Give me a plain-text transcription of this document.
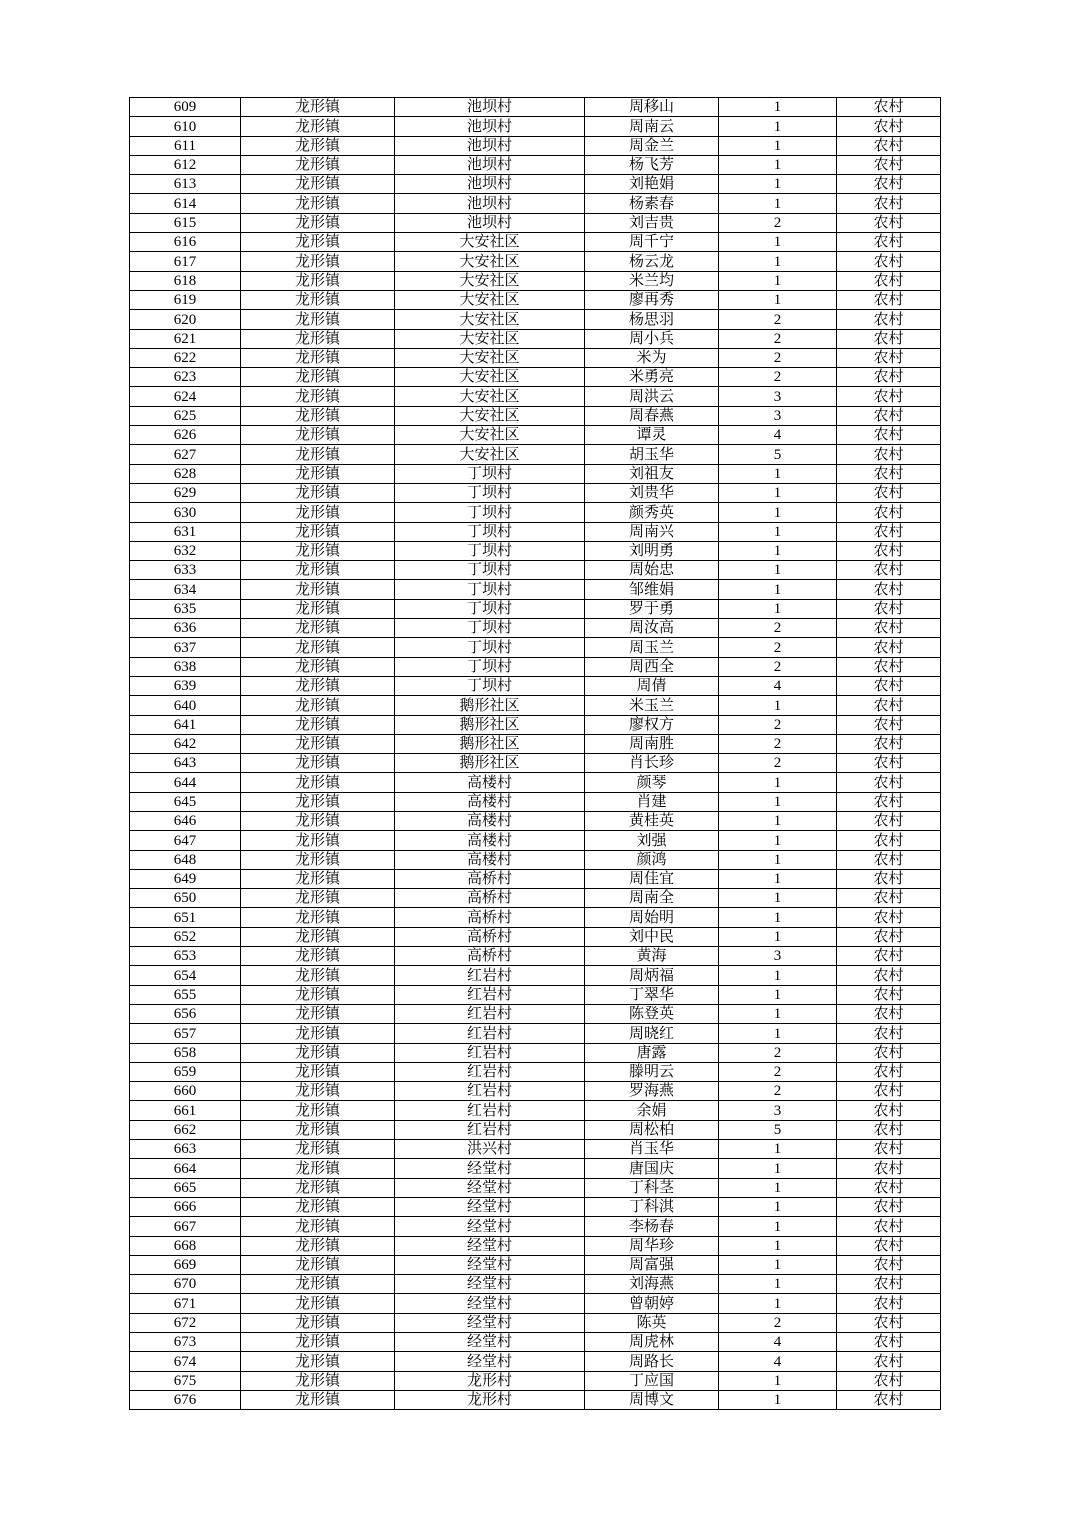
609	龙形镇	池坝村	周移山	1	农村
610	龙形镇	池坝村	周南云	1	农村
611	龙形镇	池坝村	周金兰	1	农村
612	龙形镇	池坝村	杨飞芳	1	农村
613	龙形镇	池坝村	刘艳娟	1	农村
614	龙形镇	池坝村	杨素春	1	农村
615	龙形镇	池坝村	刘吉贵	2	农村
616	龙形镇	大安社区	周千宁	1	农村
617	龙形镇	大安社区	杨云龙	1	农村
618	龙形镇	大安社区	米兰均	1	农村
619	龙形镇	大安社区	廖再秀	1	农村
620	龙形镇	大安社区	杨思羽	2	农村
621	龙形镇	大安社区	周小兵	2	农村
622	龙形镇	大安社区	米为	2	农村
623	龙形镇	大安社区	米勇亮	2	农村
624	龙形镇	大安社区	周洪云	3	农村
625	龙形镇	大安社区	周春燕	3	农村
626	龙形镇	大安社区	谭灵	4	农村
627	龙形镇	大安社区	胡玉华	5	农村
628	龙形镇	丁坝村	刘祖友	1	农村
629	龙形镇	丁坝村	刘贵华	1	农村
630	龙形镇	丁坝村	颜秀英	1	农村
631	龙形镇	丁坝村	周南兴	1	农村
632	龙形镇	丁坝村	刘明勇	1	农村
633	龙形镇	丁坝村	周始忠	1	农村
634	龙形镇	丁坝村	邹维娟	1	农村
635	龙形镇	丁坝村	罗于勇	1	农村
636	龙形镇	丁坝村	周汝高	2	农村
637	龙形镇	丁坝村	周玉兰	2	农村
638	龙形镇	丁坝村	周西全	2	农村
639	龙形镇	丁坝村	周倩	4	农村
640	龙形镇	鹅形社区	米玉兰	1	农村
641	龙形镇	鹅形社区	廖权方	2	农村
642	龙形镇	鹅形社区	周南胜	2	农村
643	龙形镇	鹅形社区	肖长珍	2	农村
644	龙形镇	高楼村	颜琴	1	农村
645	龙形镇	高楼村	肖建	1	农村
646	龙形镇	高楼村	黄桂英	1	农村
647	龙形镇	高楼村	刘强	1	农村
648	龙形镇	高楼村	颜鸿	1	农村
649	龙形镇	高桥村	周佳宜	1	农村
650	龙形镇	高桥村	周南全	1	农村
651	龙形镇	高桥村	周始明	1	农村
652	龙形镇	高桥村	刘中民	1	农村
653	龙形镇	高桥村	黄海	3	农村
654	龙形镇	红岩村	周炳福	1	农村
655	龙形镇	红岩村	丁翠华	1	农村
656	龙形镇	红岩村	陈登英	1	农村
657	龙形镇	红岩村	周晓红	1	农村
658	龙形镇	红岩村	唐露	2	农村
659	龙形镇	红岩村	滕明云	2	农村
660	龙形镇	红岩村	罗海燕	2	农村
661	龙形镇	红岩村	余娟	3	农村
662	龙形镇	红岩村	周松柏	5	农村
663	龙形镇	洪兴村	肖玉华	1	农村
664	龙形镇	经堂村	唐国庆	1	农村
665	龙形镇	经堂村	丁科茎	1	农村
666	龙形镇	经堂村	丁科淇	1	农村
667	龙形镇	经堂村	李杨春	1	农村
668	龙形镇	经堂村	周华珍	1	农村
669	龙形镇	经堂村	周富强	1	农村
670	龙形镇	经堂村	刘海燕	1	农村
671	龙形镇	经堂村	曾朝婷	1	农村
672	龙形镇	经堂村	陈英	2	农村
673	龙形镇	经堂村	周虎林	4	农村
674	龙形镇	经堂村	周路长	4	农村
675	龙形镇	龙形村	丁应国	1	农村
676	龙形镇	龙形村	周博文	1	农村
